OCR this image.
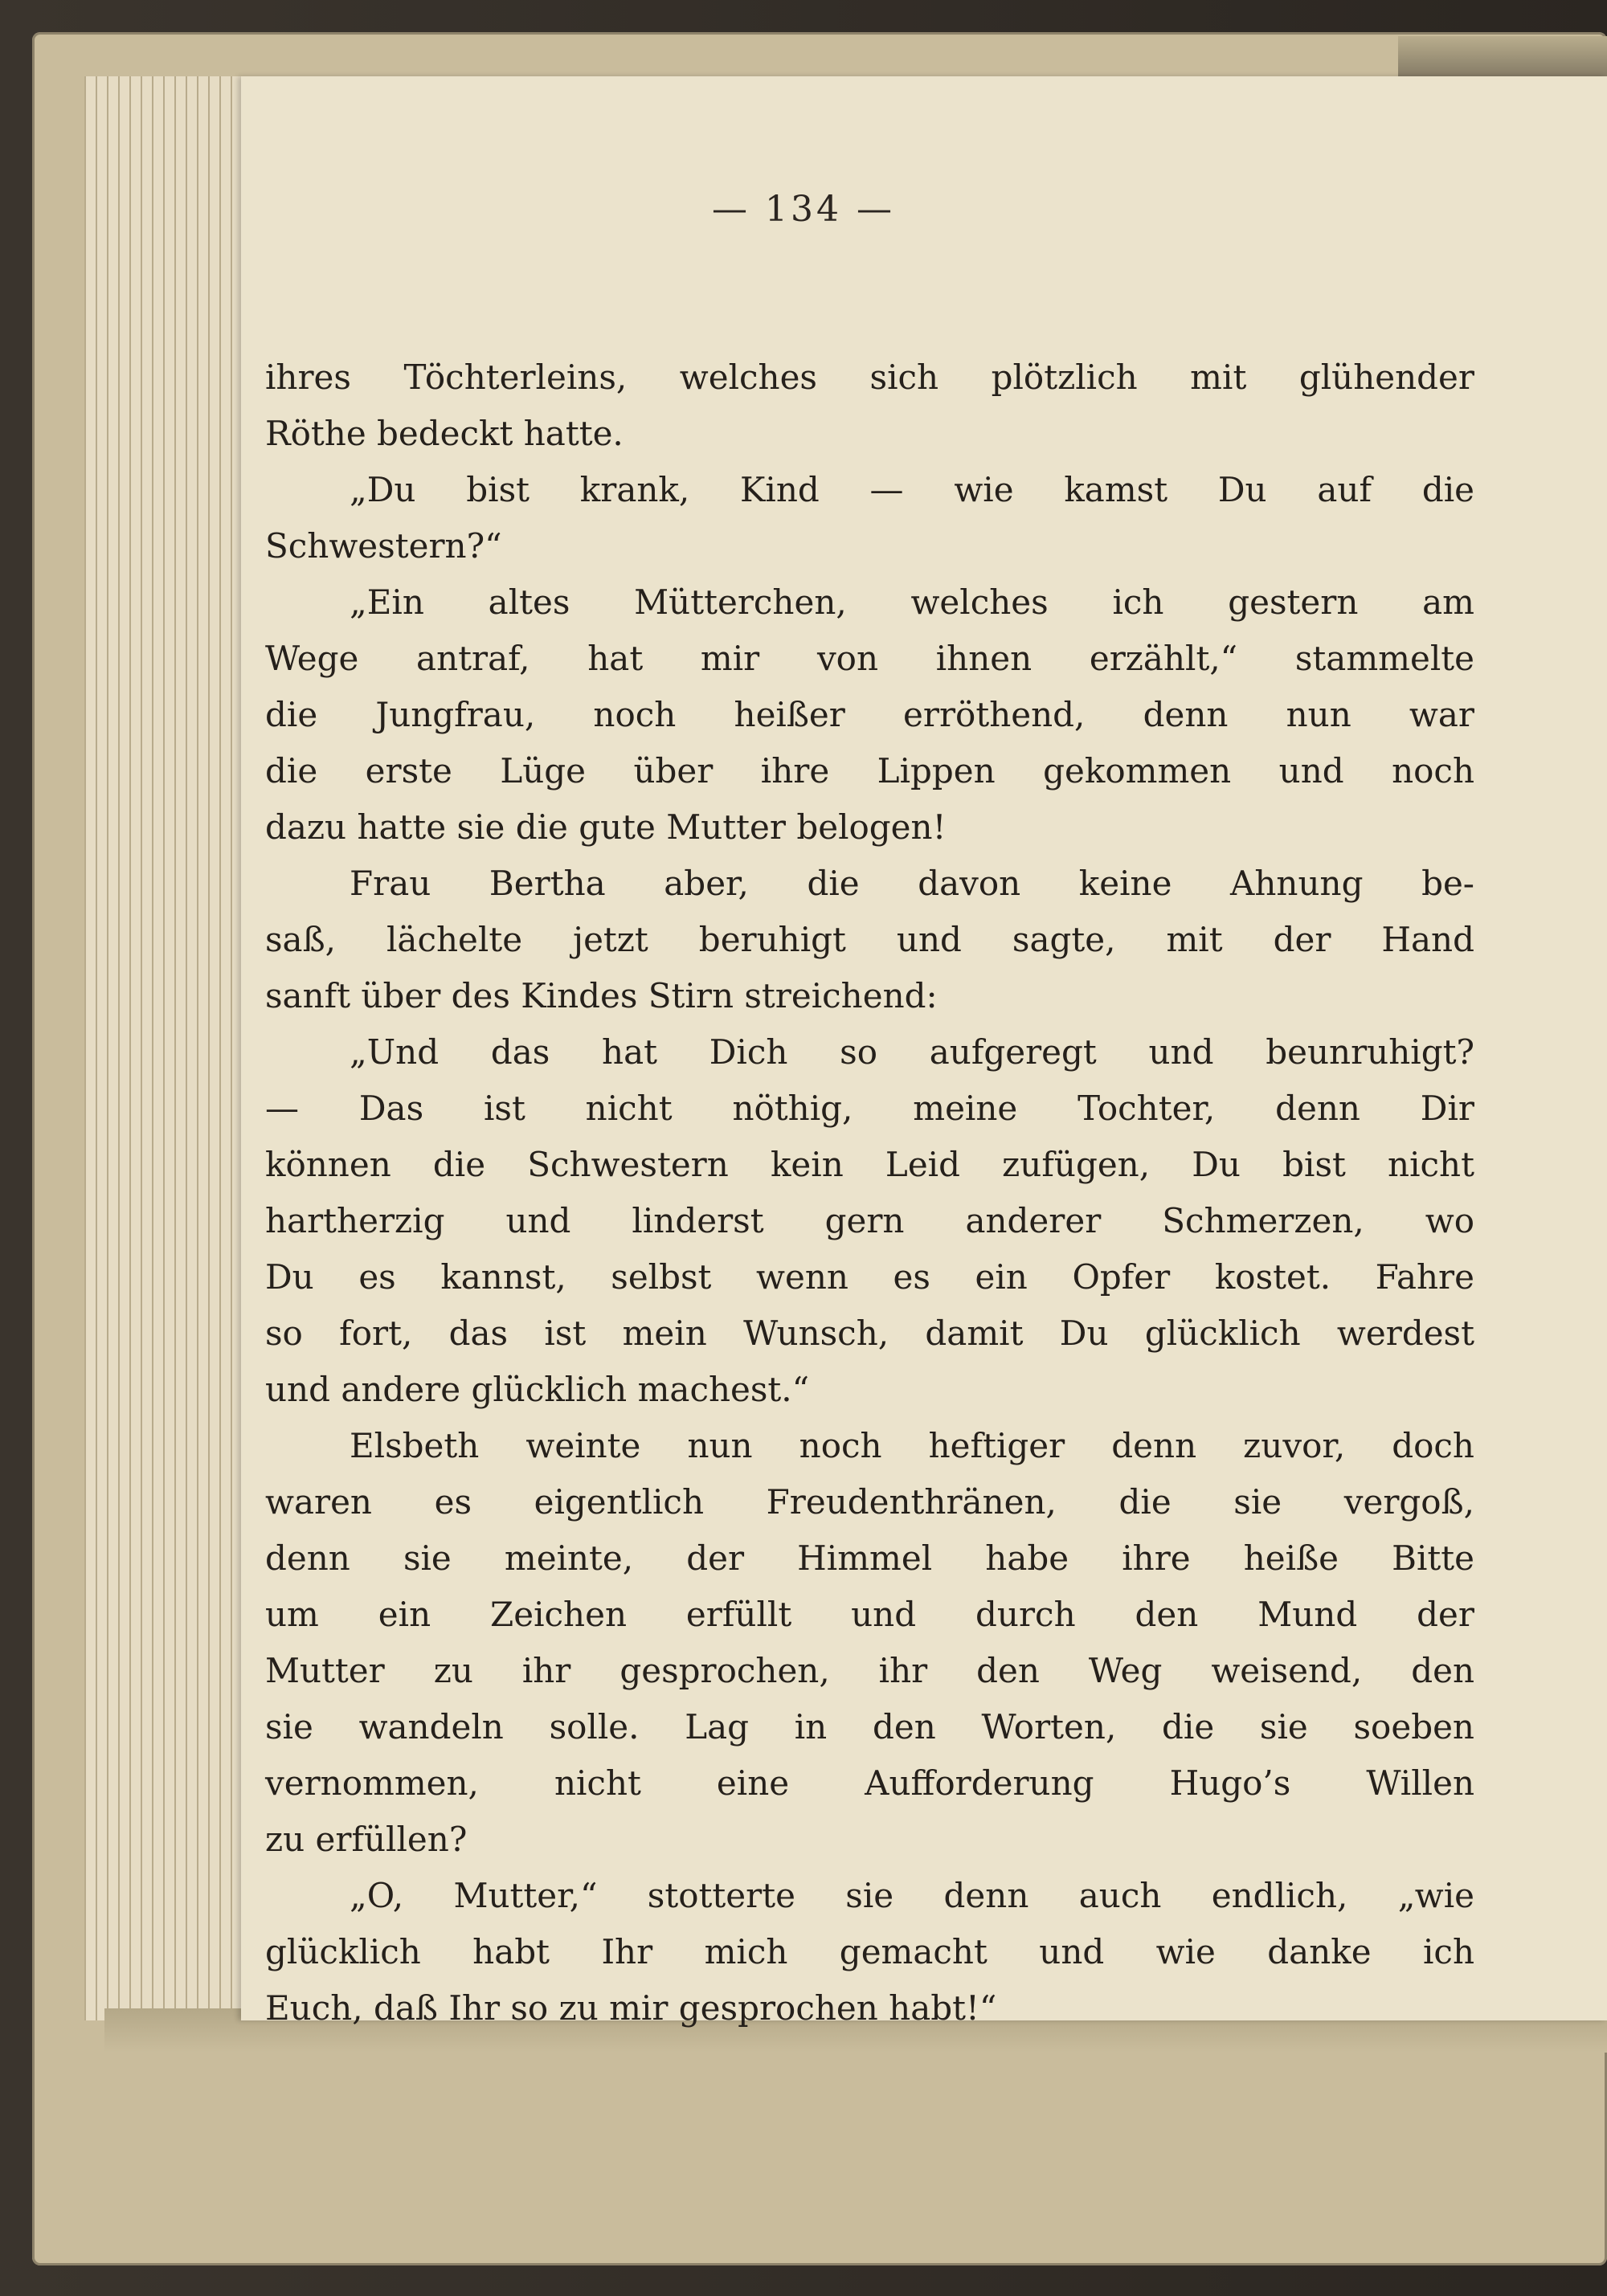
— 134 —
ihres Töchterleins, welches sich plötzlich mit glühender
Röthe bedeckt hatte.
„Du bist krank, Kind — wie kamst Du auf die
Schwestern?“
„Ein altes Mütterchen, welches ich gestern am
Wege antraf, hat mir von ihnen erzählt,“ stammelte
die Jungfrau, noch heißer erröthend, denn nun war
die erste Lüge über ihre Lippen gekommen und noch
dazu hatte sie die gute Mutter belogen!
Frau Bertha aber, die davon keine Ahnung be-
saß, lächelte jetzt beruhigt und sagte, mit der Hand
sanft über des Kindes Stirn streichend:
„Und das hat Dich so aufgeregt und beunruhigt?
— Das ist nicht nöthig, meine Tochter, denn Dir
können die Schwestern kein Leid zufügen, Du bist nicht
hartherzig und linderst gern anderer Schmerzen, wo
Du es kannst, selbst wenn es ein Opfer kostet. Fahre
so fort, das ist mein Wunsch, damit Du glücklich werdest
und andere glücklich machest.“
Elsbeth weinte nun noch heftiger denn zuvor, doch
waren es eigentlich Freudenthränen, die sie vergoß,
denn sie meinte, der Himmel habe ihre heiße Bitte
um ein Zeichen erfüllt und durch den Mund der
Mutter zu ihr gesprochen, ihr den Weg weisend, den
sie wandeln solle. Lag in den Worten, die sie soeben
vernommen, nicht eine Aufforderung Hugo’s Willen
zu erfüllen?
„O, Mutter,“ stotterte sie denn auch endlich, „wie
glücklich habt Ihr mich gemacht und wie danke ich
Euch, daß Ihr so zu mir gesprochen habt!“
